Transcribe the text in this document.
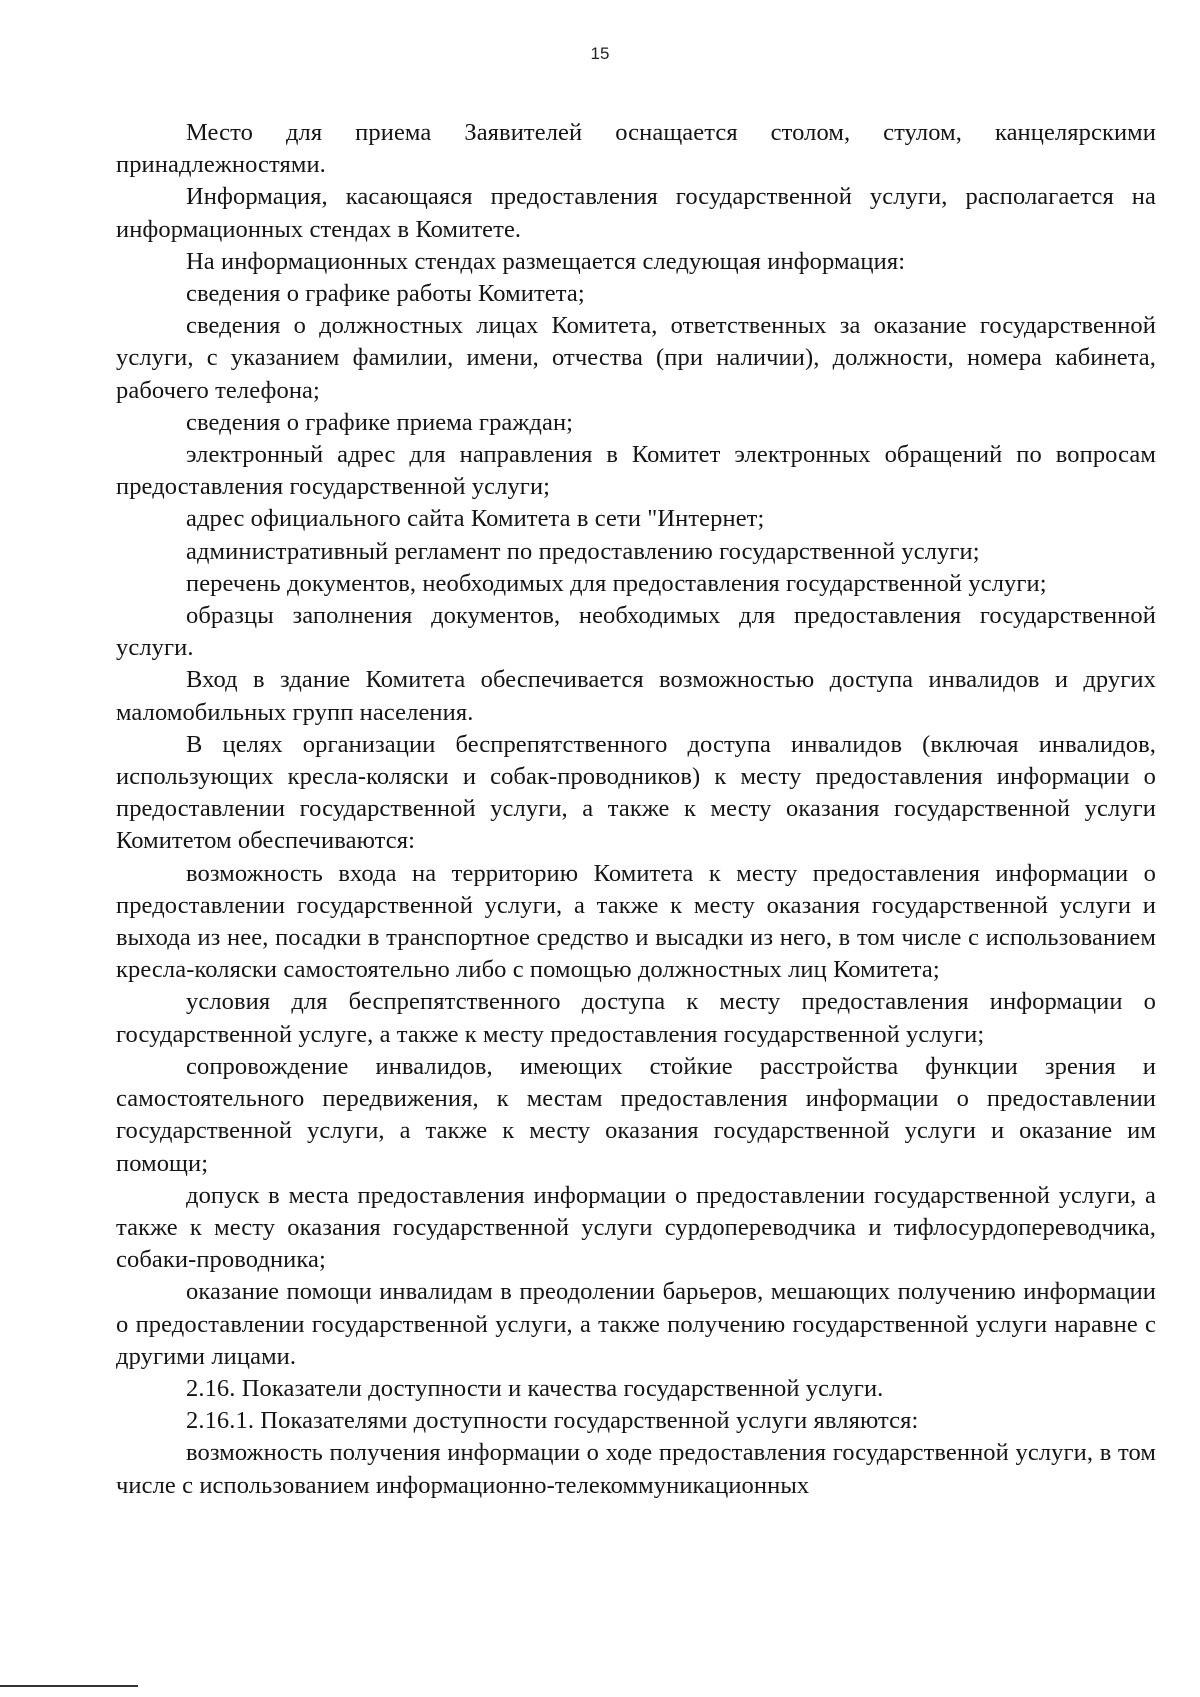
15

Место для приема Заявителей оснащается столом, стулом, канцелярскими принадлежностями.

Информация, касающаяся предоставления государственной услуги, располагается на информационных стендах в Комитете.

На информационных стендах размещается следующая информация:

сведения о графике работы Комитета;

сведения о должностных лицах Комитета, ответственных за оказание государственной услуги, с указанием фамилии, имени, отчества (при наличии), должности, номера кабинета, рабочего телефона;

сведения о графике приема граждан;

электронный адрес для направления в Комитет электронных обращений по вопросам предоставления государственной услуги;

адрес официального сайта Комитета в сети "Интернет;

административный регламент по предоставлению государственной услуги;

перечень документов, необходимых для предоставления государственной услуги;

образцы заполнения документов, необходимых для предоставления государственной услуги.

Вход в здание Комитета обеспечивается возможностью доступа инвалидов и других маломобильных групп населения.

В целях организации беспрепятственного доступа инвалидов (включая инвалидов, использующих кресла-коляски и собак-проводников) к месту предоставления информации о предоставлении государственной услуги, а также к месту оказания государственной услуги Комитетом обеспечиваются:

возможность входа на территорию Комитета к месту предоставления информации о предоставлении государственной услуги, а также к месту оказания государственной услуги и выхода из нее, посадки в транспортное средство и высадки из него, в том числе с использованием кресла-коляски самостоятельно либо с помощью должностных лиц Комитета;

условия для беспрепятственного доступа к месту предоставления информации о государственной услуге, а также к месту предоставления государственной услуги;

сопровождение инвалидов, имеющих стойкие расстройства функции зрения и самостоятельного передвижения, к местам предоставления информации о предоставлении государственной услуги, а также к месту оказания государственной услуги и оказание им помощи;

допуск в места предоставления информации о предоставлении государственной услуги, а также к месту оказания государственной услуги сурдопереводчика и тифлосурдопереводчика, собаки-проводника;

оказание помощи инвалидам в преодолении барьеров, мешающих получению информации о предоставлении государственной услуги, а также получению государственной услуги наравне с другими лицами.

2.16. Показатели доступности и качества государственной услуги.

2.16.1. Показателями доступности государственной услуги являются:

возможность получения информации о ходе предоставления государственной услуги, в том числе с использованием информационно-телекоммуникационных
